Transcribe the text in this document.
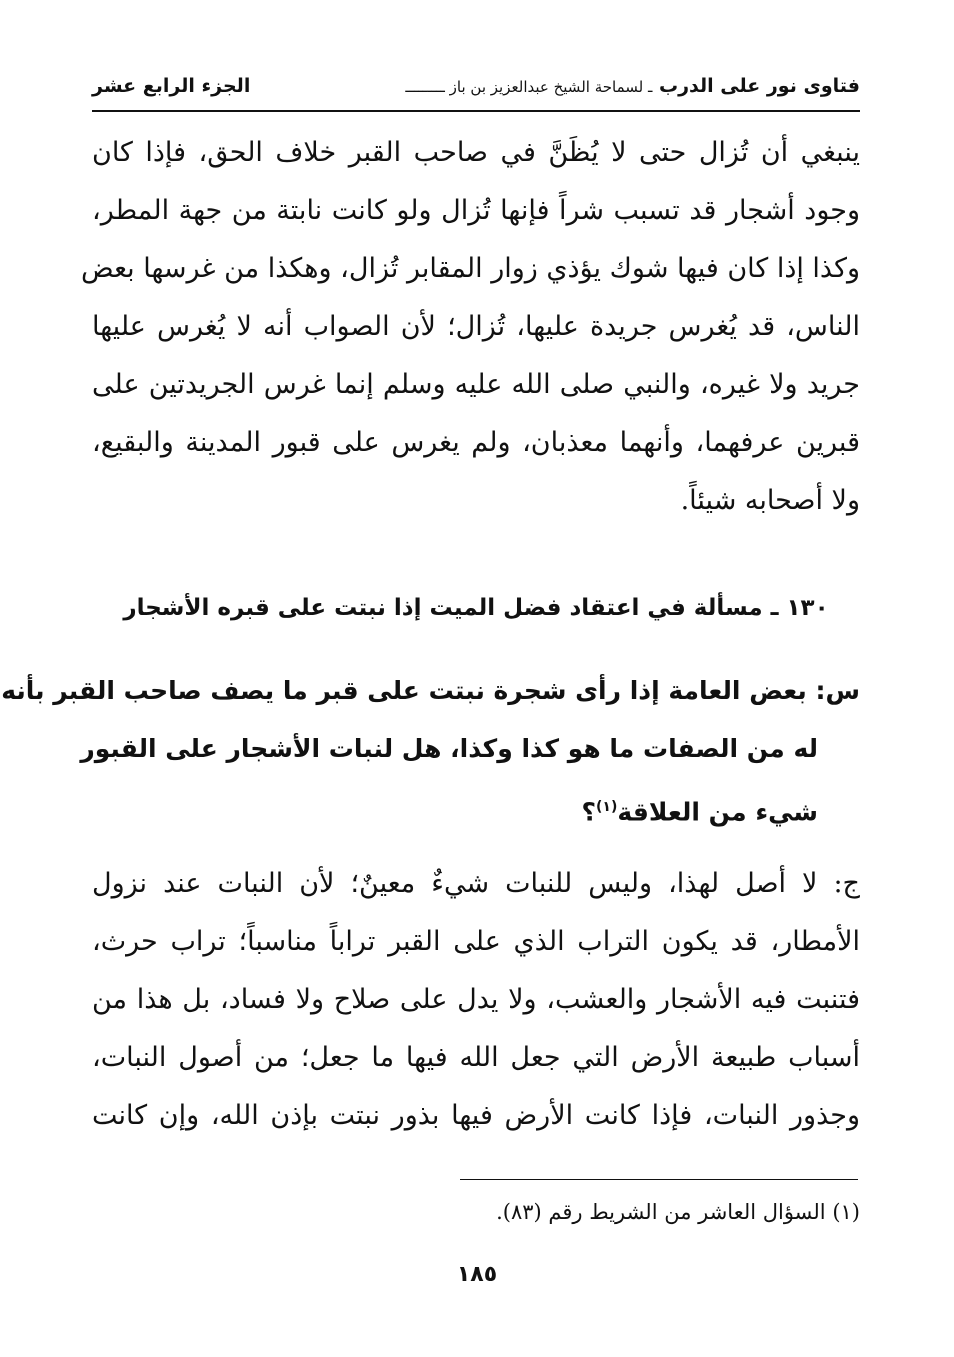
فتاوى نور على الدرب ـ لسماحة الشيخ عبدالعزيز بن باز ـــــــــ
الجزء الرابع عشر
ينبغي أن تُزال حتى لا يُظَنَّ في صاحب القبر خلاف الحق، فإذا كان
وجود أشجار قد تسبب شراً فإنها تُزال ولو كانت نابتة من جهة المطر،
وكذا إذا كان فيها شوك يؤذي زوار المقابر تُزال، وهكذا من غرسها بعض
الناس، قد يُغرس جريدة عليها، تُزال؛ لأن الصواب أنه لا يُغرس عليها
جريد ولا غيره، والنبي صلى الله عليه وسلم إنما غرس الجريدتين على
قبرين عرفهما، وأنهما معذبان، ولم يغرس على قبور المدينة والبقيع،
ولا أصحابه شيئاً.
١٣٠ ـ مسألة في اعتقاد فضل الميت إذا نبتت على قبره الأشجار
س: بعض العامة إذا رأى شجرة نبتت على قبر ما يصف صاحب القبر بأنه
له من الصفات ما هو كذا وكذا، هل لنبات الأشجار على القبور
شيء من العلاقة$^{(١)}$؟
ج: لا أصل لهذا، وليس للنبات شيءٌ معينٌ؛ لأن النبات عند نزول
الأمطار، قد يكون التراب الذي على القبر تراباً مناسباً؛ تراب حرث،
فتنبت فيه الأشجار والعشب، ولا يدل على صلاح ولا فساد، بل هذا من
أسباب طبيعة الأرض التي جعل الله فيها ما جعل؛ من أصول النبات،
وجذور النبات، فإذا كانت الأرض فيها بذور نبتت بإذن الله، وإن كانت
(١) السؤال العاشر من الشريط رقم (٨٣).
١٨٥
